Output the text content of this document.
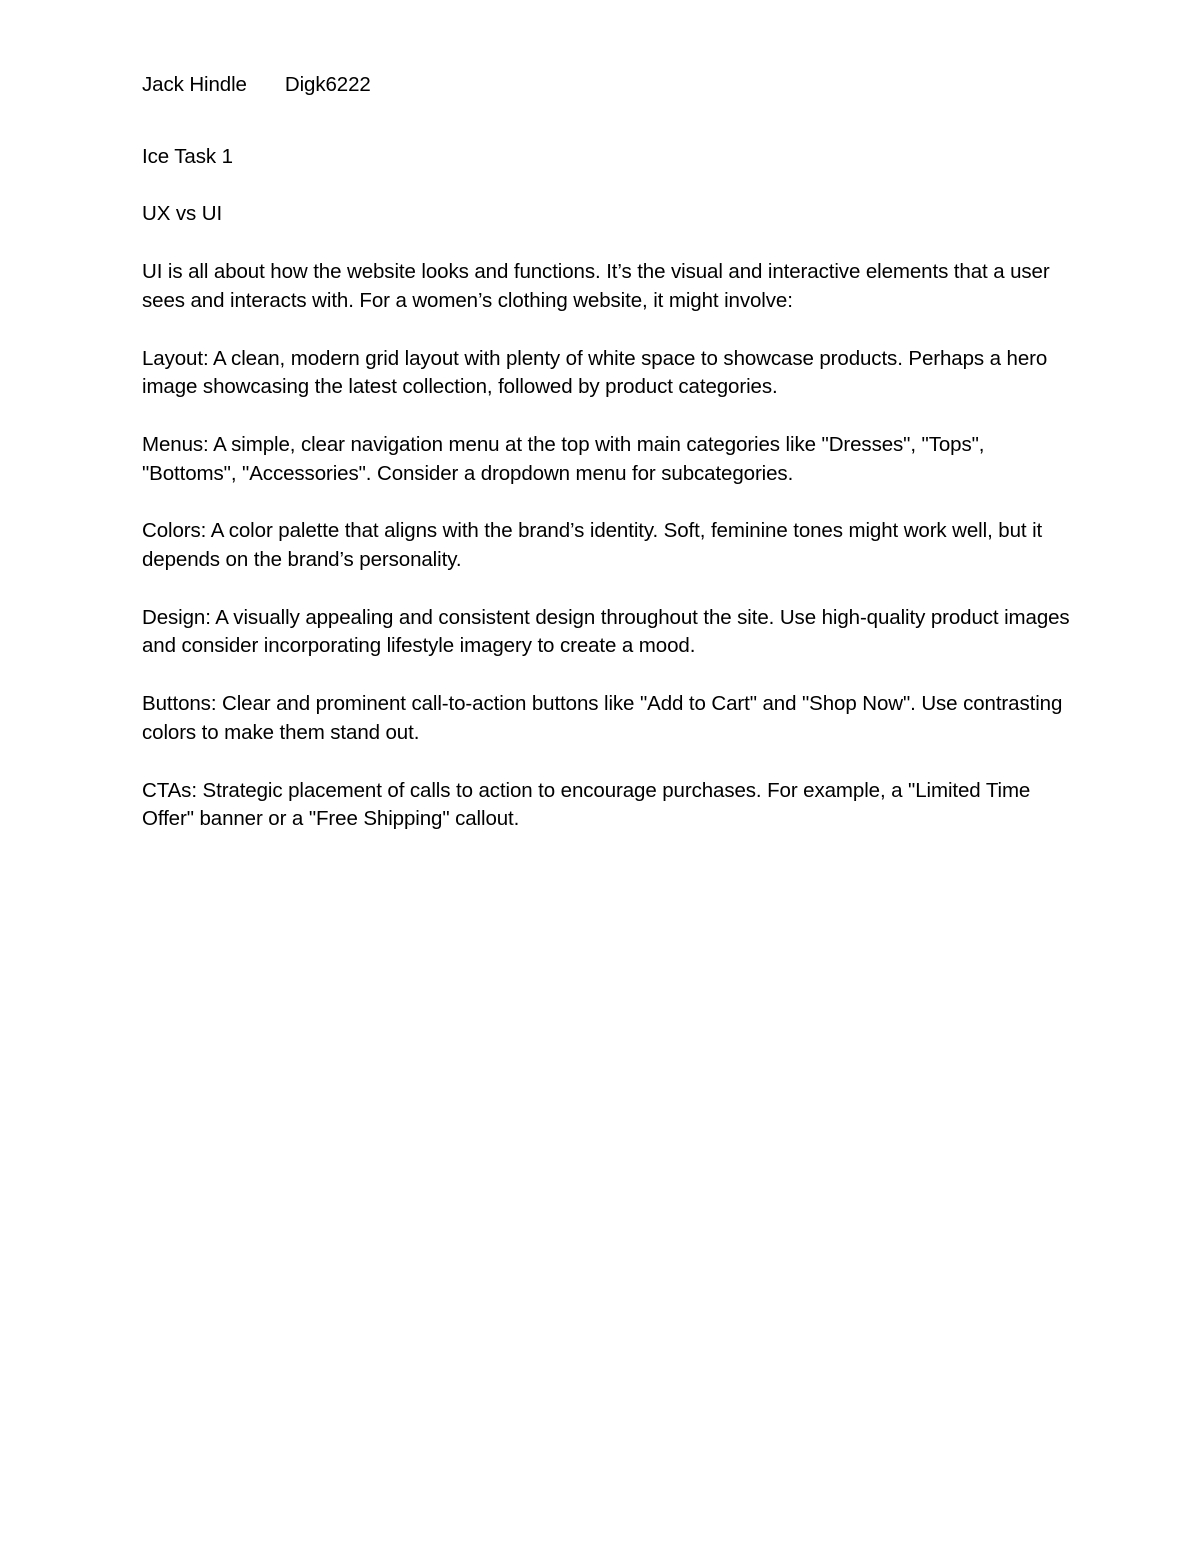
Jack Hindle Digk6222
Ice Task 1
UX vs UI

UI is all about how the website looks and functions. It’s the visual and interactive elements that a user sees and interacts with. For a women’s clothing website, it might involve:

Layout: A clean, modern grid layout with plenty of white space to showcase products. Perhaps a hero image showcasing the latest collection, followed by product categories.

Menus: A simple, clear navigation menu at the top with main categories like "Dresses", "Tops", "Bottoms", "Accessories". Consider a dropdown menu for subcategories.

Colors: A color palette that aligns with the brand’s identity. Soft, feminine tones might work well, but it depends on the brand’s personality.

Design: A visually appealing and consistent design throughout the site. Use high-quality product images and consider incorporating lifestyle imagery to create a mood.

Buttons: Clear and prominent call-to-action buttons like "Add to Cart" and "Shop Now". Use contrasting colors to make them stand out.

CTAs: Strategic placement of calls to action to encourage purchases. For example, a "Limited Time Offer" banner or a "Free Shipping" callout.
